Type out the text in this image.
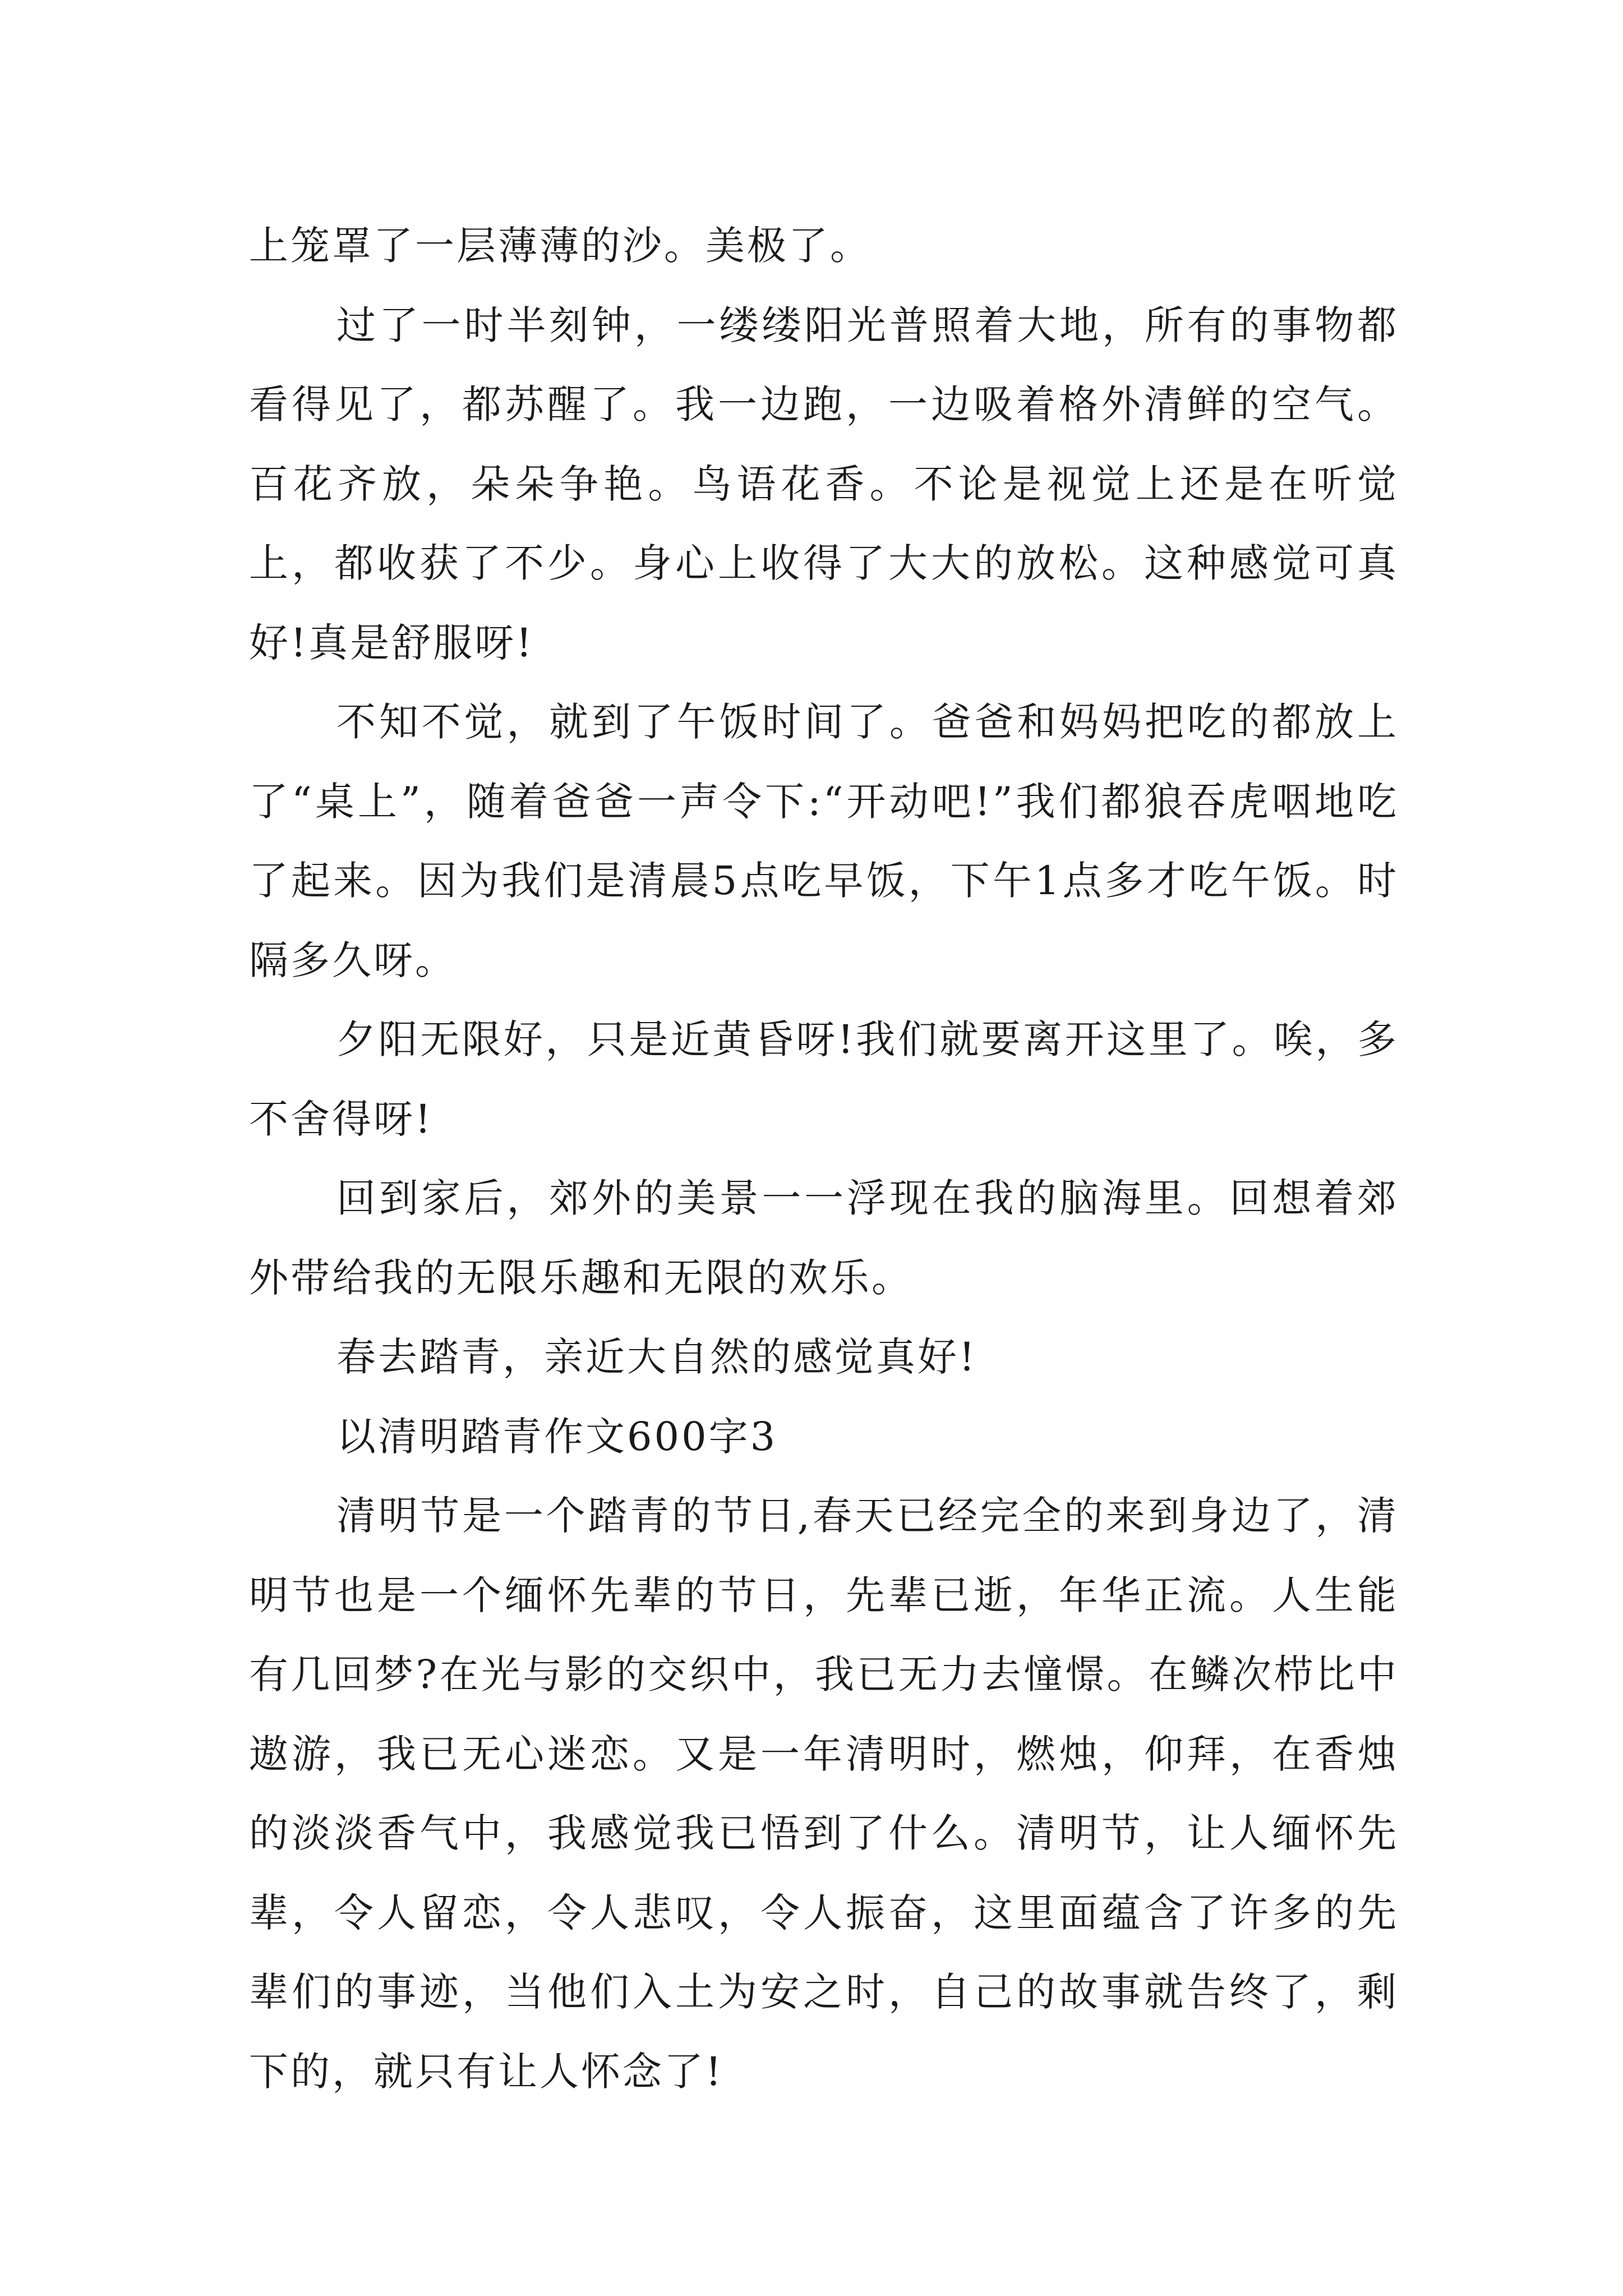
上笼罩了一层薄薄的沙。美极了。

过了一时半刻钟，一缕缕阳光普照着大地，所有的事物都看得见了，都苏醒了。我一边跑，一边吸着格外清鲜的空气。百花齐放，朵朵争艳。鸟语花香。不论是视觉上还是在听觉上，都收获了不少。身心上收得了大大的放松。这种感觉可真好!真是舒服呀!

不知不觉，就到了午饭时间了。爸爸和妈妈把吃的都放上了“桌上”，随着爸爸一声令下:“开动吧!”我们都狼吞虎咽地吃了起来。因为我们是清晨5点吃早饭，下午1点多才吃午饭。时隔多久呀。

夕阳无限好，只是近黄昏呀!我们就要离开这里了。唉，多不舍得呀!

回到家后，郊外的美景一一浮现在我的脑海里。回想着郊外带给我的无限乐趣和无限的欢乐。

春去踏青，亲近大自然的感觉真好!

以清明踏青作文600字3

清明节是一个踏青的节日,春天已经完全的来到身边了，清明节也是一个缅怀先辈的节日，先辈已逝，年华正流。人生能有几回梦?在光与影的交织中，我已无力去憧憬。在鳞次栉比中遨游，我已无心迷恋。又是一年清明时，燃烛，仰拜，在香烛的淡淡香气中，我感觉我已悟到了什么。清明节，让人缅怀先辈，令人留恋，令人悲叹，令人振奋，这里面蕴含了许多的先辈们的事迹，当他们入土为安之时，自己的故事就告终了，剩下的，就只有让人怀念了!
